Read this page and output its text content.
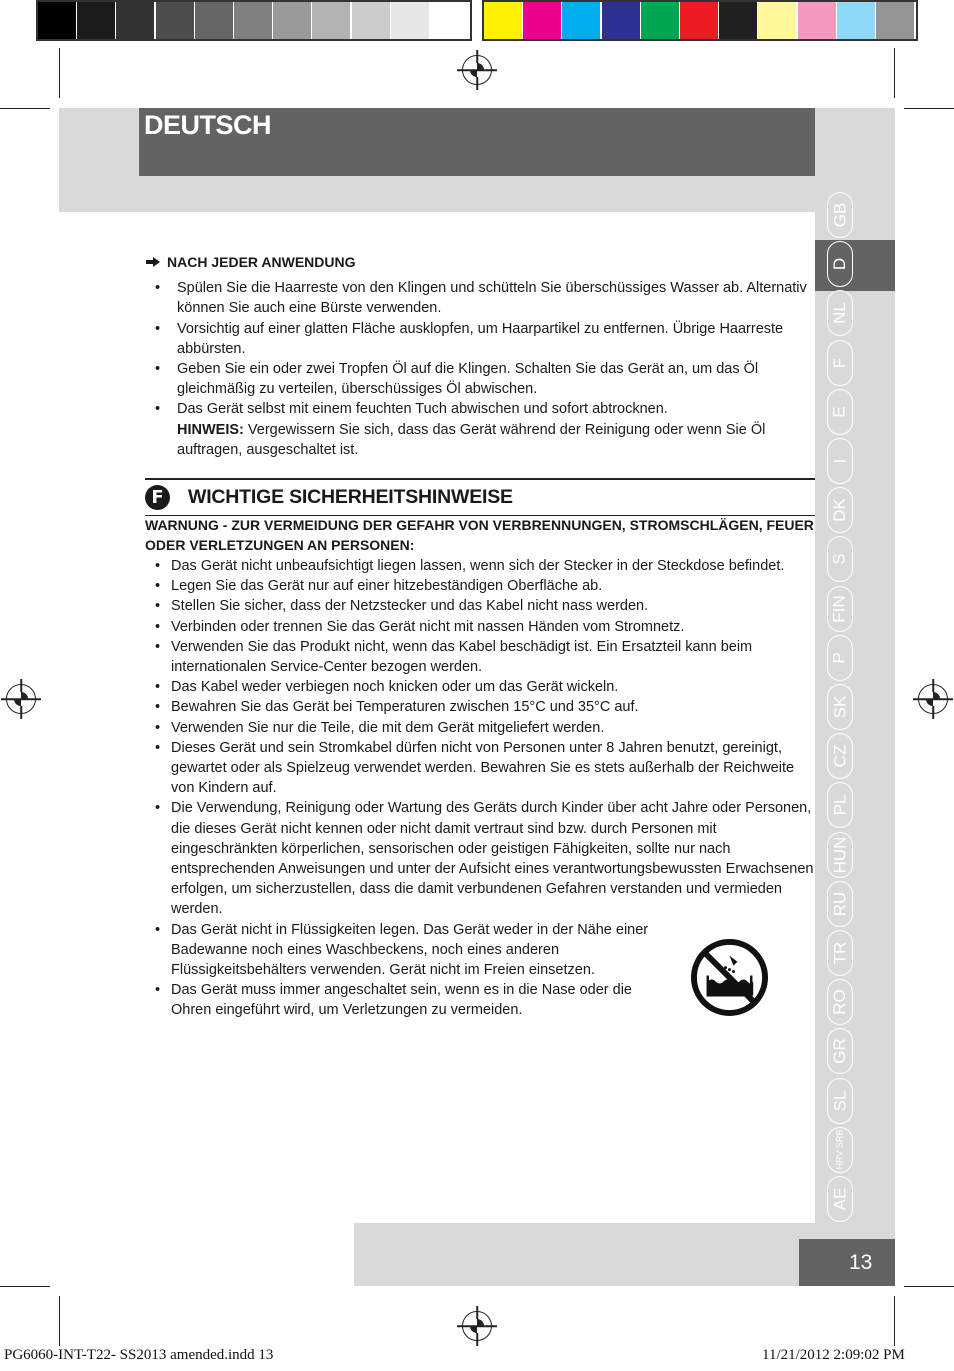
DEUTSCH
GB
D
NL
F
E
I
DK
S
FIN
P
SK
CZ
PL
HUN
RU
TR
RO
GR
SL
HRV SRB
AE
NACH JEDER ANWENDUNG
• Spülen Sie die Haarreste von den Klingen und schütteln Sie überschüssiges Wasser ab. Alternativ können Sie auch eine Bürste verwenden.
• Vorsichtig auf einer glatten Fläche ausklopfen, um Haarpartikel zu entfernen. Übrige Haarreste abbürsten.
• Geben Sie ein oder zwei Tropfen Öl auf die Klingen. Schalten Sie das Gerät an, um das Öl gleichmäßig zu verteilen, überschüssiges Öl abwischen.
• Das Gerät selbst mit einem feuchten Tuch abwischen und sofort abtrocknen.
HINWEIS: Vergewissern Sie sich, dass das Gerät während der Reinigung oder wenn Sie Öl auftragen, ausgeschaltet ist.
F	WICHTIGE SICHERHEITSHINWEISE
WARNUNG - ZUR VERMEIDUNG DER GEFAHR VON VERBRENNUNGEN, STROMSCHLÄGEN, FEUER ODER VERLETZUNGEN AN PERSONEN:
• Das Gerät nicht unbeaufsichtigt liegen lassen, wenn sich der Stecker in der Steckdose befindet.
• Legen Sie das Gerät nur auf einer hitzebeständigen Oberfläche ab.
• Stellen Sie sicher, dass der Netzstecker und das Kabel nicht nass werden.
• Verbinden oder trennen Sie das Gerät nicht mit nassen Händen vom Stromnetz.
• Verwenden Sie das Produkt nicht, wenn das Kabel beschädigt ist. Ein Ersatzteil kann beim internationalen Service-Center bezogen werden.
• Das Kabel weder verbiegen noch knicken oder um das Gerät wickeln.
• Bewahren Sie das Gerät bei Temperaturen zwischen 15°C und 35°C auf.
• Verwenden Sie nur die Teile, die mit dem Gerät mitgeliefert werden.
• Dieses Gerät und sein Stromkabel dürfen nicht von Personen unter 8 Jahren benutzt, gereinigt, gewartet oder als Spielzeug verwendet werden. Bewahren Sie es stets außerhalb der Reichweite von Kindern auf.
• Die Verwendung, Reinigung oder Wartung des Geräts durch Kinder über acht Jahre oder Personen, die dieses Gerät nicht kennen oder nicht damit vertraut sind bzw. durch Personen mit eingeschränkten körperlichen, sensorischen oder geistigen Fähigkeiten, sollte nur nach entsprechenden Anweisungen und unter der Aufsicht eines verantwortungsbewussten Erwachsenen erfolgen, um sicherzustellen, dass die damit verbundenen Gefahren verstanden und vermieden werden.
• Das Gerät nicht in Flüssigkeiten legen. Das Gerät weder in der Nähe einer Badewanne noch eines Waschbeckens, noch eines anderen Flüssigkeitsbehälters verwenden. Gerät nicht im Freien einsetzen.
• Das Gerät muss immer angeschaltet sein, wenn es in die Nase oder die Ohren eingeführt wird, um Verletzungen zu vermeiden.
13
PG6060-INT-T22- SS2013 amended.indd 13	11/21/2012 2:09:02 PM
